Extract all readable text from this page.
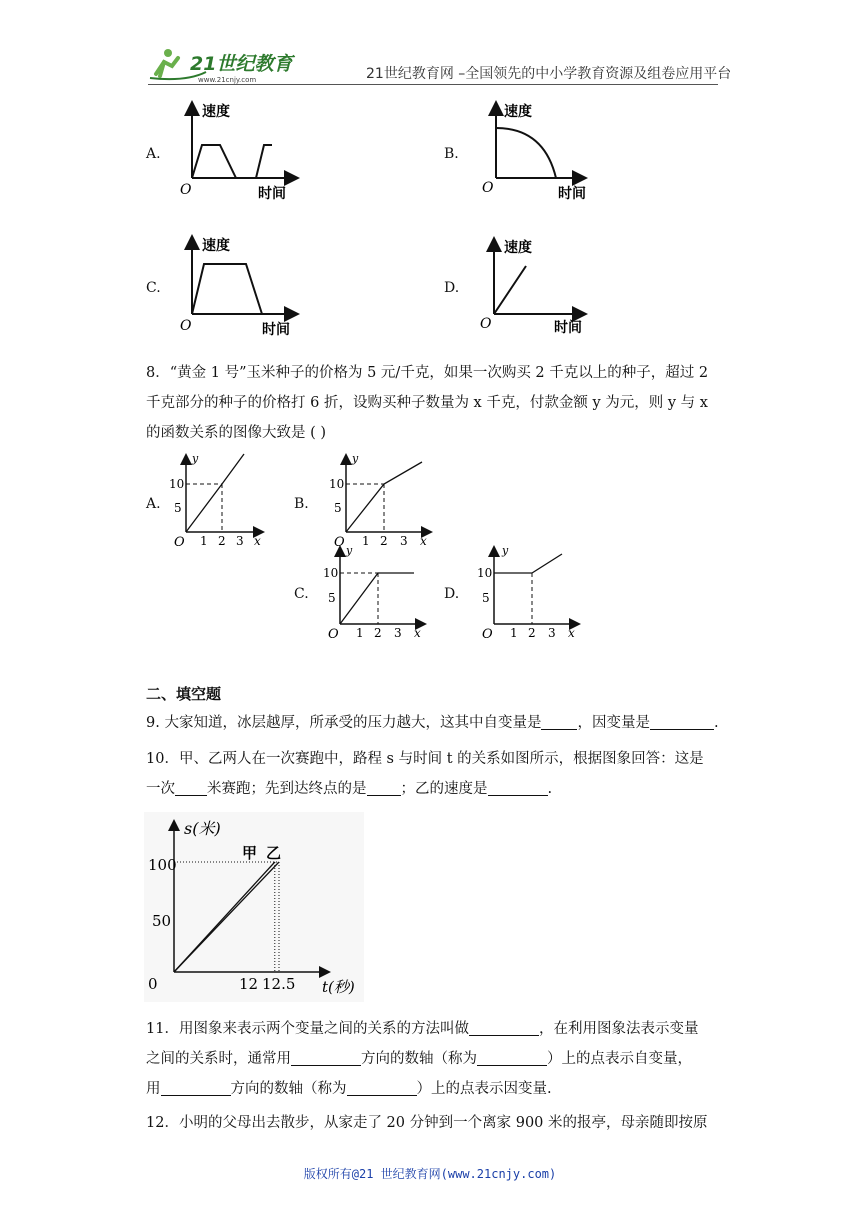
21世纪教育
www.21cnjy.com	21世纪教育网 –全国领先的中小学教育资源及组卷应用平台
A.
速度
时间
O
B.
速度
时间
O
C.
速度
时间
O
D.
速度
时间
O
8．“黄金 1 号”玉米种子的价格为 5 元/千克，如果一次购买 2 千克以上的种子，超过 2
千克部分的种子的价格打 6 折，设购买种子数量为 x 千克，付款金额 y 为元，则 y 与 x
的函数关系的图像大致是 ( )
A.
y
10
5
O 1 2 3 x
B.
y
10
5
O 1 2 3 x
C.
y
10
5
O 1 2 3 x
D.
y
10
5
O 1 2 3 x
二、填空题
9. 大家知道，冰层越厚，所承受的压力越大，这其中自变量是 ，因变量是	.
10．甲、乙两人在一次赛跑中，路程 s 与时间 t 的关系如图所示，根据图象回答：这是
一次 米赛跑；先到达终点的是 ；乙的速度是	.
s(米)
t(秒)
0
100
50
12 12.5
甲 乙
11．用图象来表示两个变量之间的关系的方法叫做	，在利用图象法表示变量
之间的关系时，通常用	方向的数轴（称为	）上的点表示自变量，
用	方向的数轴（称为	）上的点表示因变量.
12．小明的父母出去散步，从家走了 20 分钟到一个离家 900 米的报亭，母亲随即按原
版权所有@21 世纪教育网(www.21cnjy.com)
